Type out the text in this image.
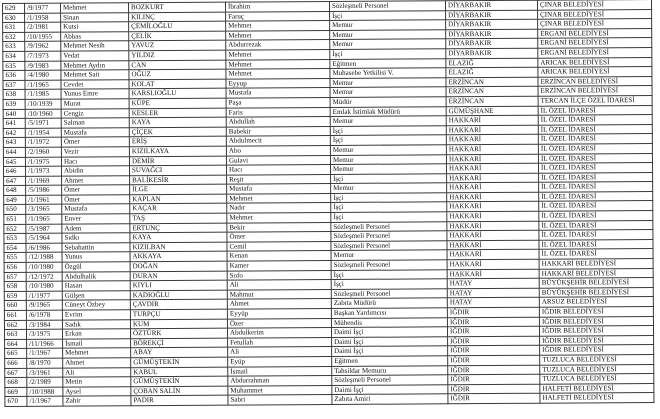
629	/9/1977	Mehmet	BOZKURT	İbrahim	Sözleşmeli Personel	DİYARBAKIR	ÇINAR BELEDİYESİ
630	/1/1958	Sinan	KILINÇ	Faruç	İşçi	DİYARBAKIR	ÇINAR BELEDİYESİ
631	/2/1981	Kutsi	ÇEMİLOĞLU	Mehmet	Memur	DİYARBAKIR	ÇINAR BELEDİYESİ
632	/10/1955	Abbas	ÇELİK	Mehmet	Memur	DİYARBAKIR	ERGANİ BELEDİYESİ
633	/9/1962	Mehmet Nesih	YAVUZ	Abdurrezak	Memur	DİYARBAKIR	ERGANİ BELEDİYESİ
634	/7/1973	Vedat	YILDIZ	Mehmet	İşçi	DİYARBAKIR	ERGANİ BELEDİYESİ
635	/9/1983	Mehmet Aydın	CAN	Mehmet	Eğitmen	ELAZIĞ	ARICAK BELEDİYESİ
636	/4/1980	Mehmet Sait	OĞUZ	Mehmet	Muhasebe Yetkilisi V.	ELAZIĞ	ARICAK BELEDİYESİ
637	/1/1965	Cevdet	KOLAT	Eyyup	Memur	ERZİNCAN	ERZİNCAN BELEDİYESİ
638	/1/1985	Yunus Emre	KARSLIOĞLU	Mustafa	Memur	ERZİNCAN	ERZİNCAN BELEDİYESİ
639	/10/1939	Murat	KÜPE	Paşa	Müdür	ERZİNCAN	TERCAN İLÇE ÖZEL İDARESİ
640	/10/1960	Cengiz	KESLER	Faris	Emlak İstimlak Müdürü	GÜMÜŞHANE	İL ÖZEL İDARESİ
641	/5/1971	Salman	KAYA	Abdullah	Memur	HAKKARİ	İL ÖZEL İDARESİ
642	/1/1954	Mustafa	ÇİÇEK	Babekir	İşçi	HAKKARİ	İL ÖZEL İDARESİ
643	/1/1972	Ömer	ERİŞ	Abdulmecit	İşçi	HAKKARİ	İL ÖZEL İDARESİ
644	/2/1960	Vezir	KIZILKAYA	Abo	Memur	HAKKARİ	İL ÖZEL İDARESİ
645	/1/1975	Hacı	DEMİR	Gulavi	Memur	HAKKARİ	İL ÖZEL İDARESİ
646	/1/1973	Abidin	SUVAĞCI	Hacı	Memur	HAKKARİ	İL ÖZEL İDARESİ
647	/1/1969	Ahmet	BALİKESİR	Reşit	İşçi	HAKKARİ	İL ÖZEL İDARESİ
648	/5/1986	Ömer	İLGE	Mustafa	Memur	HAKKARİ	İL ÖZEL İDARESİ
649	/1/1961	Ömer	KAPLAN	Mehmet	İşçi	HAKKARİ	İL ÖZEL İDARESİ
650	/3/1965	Mustafa	KAÇAR	Nadır	İşçi	HAKKARİ	İL ÖZEL İDARESİ
651	/1/1965	Enver	TAŞ	Mehmet	İşçi	HAKKARİ	İL ÖZEL İDARESİ
652	/5/1987	Adem	ERTUNÇ	Bekir	Sözleşmeli Personel	HAKKARİ	İL ÖZEL İDARESİ
653	/5/1964	Sıdkı	KAYA	Ömer	Sözleşmeli Personel	HAKKARİ	İL ÖZEL İDARESİ
654	/6/1986	Sebahattin	KIZILBAN	Cemil	Sözleşmeli Personel	HAKKARİ	İL ÖZEL İDARESİ
655	/12/1988	Yunus	AKKAYA	Kenan	Memur	HAKKARİ	İL ÖZEL İDARESİ
656	/10/1980	Özgül	DOĞAN	Kamer	Sözleşmeli Personel	HAKKARİ	HAKKARİ BELEDİYESİ
657	/12/1972	Abdulhalik	DURAN	Sofo	İşçi	HAKKARİ	HAKKARİ BELEDİYESİ
658	/10/1980	Hasan	KIYLI	Ali	İşçi	HATAY	BÜYÜKŞEHİR BELEDİYESİ
659	/1/1977	Gülşen	KADIOĞLU	Mahmut	Sözleşmeli Personel	HATAY	BÜYÜKŞEHİR BELEDİYESİ
660	/9/1965	Cüneyt Özbey	ÇAVDIR	Ahmet	Zabıta Müdürü	HATAY	ARSUZ BELEDİYESİ
661	/6/1978	Evrim	TURPÇU	Eyyüp	Başkan Yardımcısı	IĞDIR	IĞDIR BELEDİYESİ
662	/3/1984	Sadık	KUM	Özer	Mühendis	IĞDIR	IĞDIR BELEDİYESİ
663	/3/1975	Erkan	ÖZTÜRK	Abdulkerim	Daimi İşçi	IĞDIR	IĞDIR BELEDİYESİ
664	/11/1966	İsmail	BÖREKÇİ	Fetullah	Daimi İşçi	IĞDIR	IĞDIR BELEDİYESİ
665	/1/1967	Mehmet	ABAY	Ali	Daimi İşçi	IĞDIR	IĞDIR BELEDİYESİ
666	/8/1970	Ahmet	GÜMÜŞTEKİN	Eyüp	Eğitmen	IĞDIR	TUZLUCA BELEDİYESİ
667	/3/1961	Ali	KABUL	İsmail	Tahsildar Memuru	IĞDIR	TUZLUCA BELEDİYESİ
668	/2/1989	Metin	GÜMÜŞTEKİN	Abdurrahman	Sözleşmeli Personel	IĞDIR	TUZLUCA BELEDİYESİ
669	/10/1988	Aysel	ÇOBAN SALİN	Muhammet	Daimi İşçi	IĞDIR	HALFETİ BELEDİYESİ
670	/1/1967	Zahir	PADIR	Sabri	Zabıta Amiri	IĞDIR	HALFETİ BELEDİYESİ
